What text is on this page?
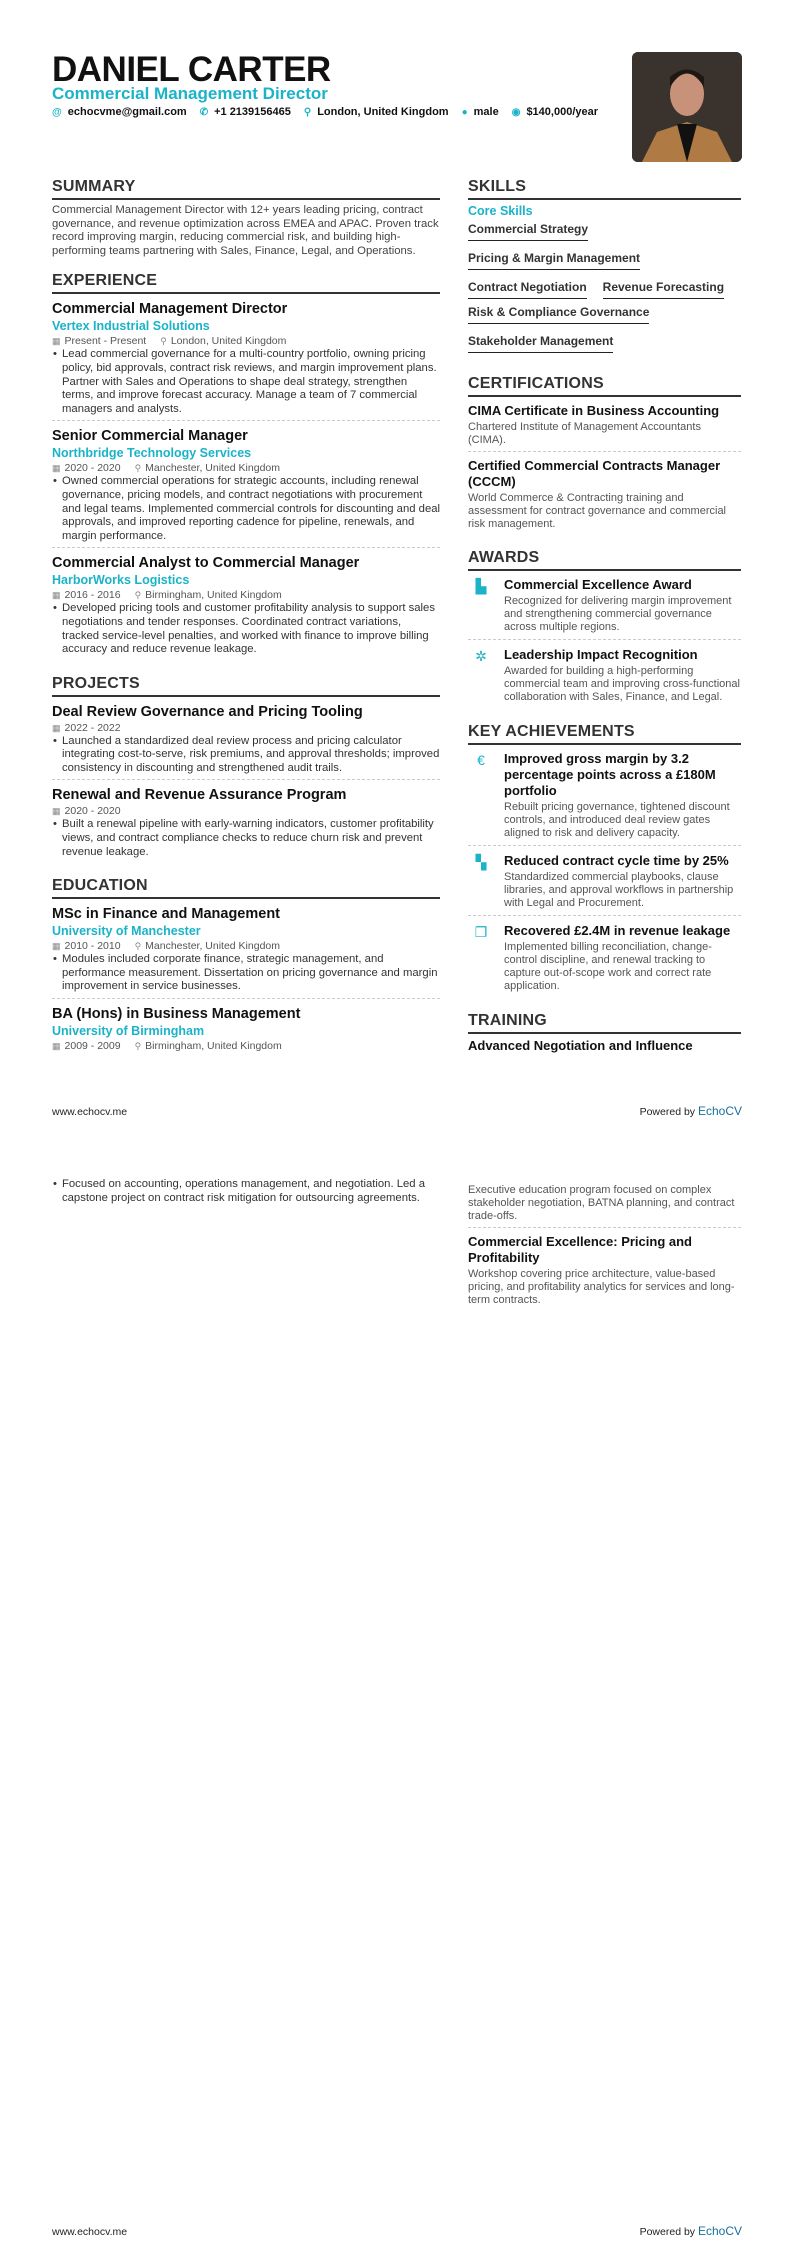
DANIEL CARTER
Commercial Management Director
@ echocvme@gmail.com ✆ +1 2139156465 ⚲ London, United Kingdom ● male ◉ $140,000/year
SUMMARY

Commercial Management Director with 12+ years leading pricing, contract governance, and revenue optimization across EMEA and APAC. Proven track record improving margin, reducing commercial risk, and building high-performing teams partnering with Sales, Finance, Legal, and Operations.

EXPERIENCE
Commercial Management Director
Vertex Industrial Solutions
▦ Present - Present ⚲ London, United Kingdom
• Lead commercial governance for a multi-country portfolio, owning pricing policy, bid approvals, contract risk reviews, and margin improvement plans. Partner with Sales and Operations to shape deal strategy, strengthen terms, and improve forecast accuracy. Manage a team of 7 commercial managers and analysts.
Senior Commercial Manager
Northbridge Technology Services
▦ 2020 - 2020 ⚲ Manchester, United Kingdom
• Owned commercial operations for strategic accounts, including renewal governance, pricing models, and contract negotiations with procurement and legal teams. Implemented commercial controls for discounting and deal approvals, and improved reporting cadence for pipeline, renewals, and margin performance.
Commercial Analyst to Commercial Manager
HarborWorks Logistics
▦ 2016 - 2016 ⚲ Birmingham, United Kingdom
• Developed pricing tools and customer profitability analysis to support sales negotiations and tender responses. Coordinated contract variations, tracked service-level penalties, and worked with finance to improve billing accuracy and reduce revenue leakage.
PROJECTS
Deal Review Governance and Pricing Tooling
▦ 2022 - 2022
• Launched a standardized deal review process and pricing calculator integrating cost-to-serve, risk premiums, and approval thresholds; improved consistency in discounting and strengthened audit trails.
Renewal and Revenue Assurance Program
▦ 2020 - 2020
• Built a renewal pipeline with early-warning indicators, customer profitability views, and contract compliance checks to reduce churn risk and prevent revenue leakage.
EDUCATION
MSc in Finance and Management
University of Manchester
▦ 2010 - 2010 ⚲ Manchester, United Kingdom
• Modules included corporate finance, strategic management, and performance measurement. Dissertation on pricing governance and margin improvement in service businesses.
BA (Hons) in Business Management
University of Birmingham
▦ 2009 - 2009 ⚲ Birmingham, United Kingdom
SKILLS
Core Skills
Commercial Strategy
Pricing & Margin Management
Contract Negotiation Revenue Forecasting
Risk & Compliance Governance
Stakeholder Management
CERTIFICATIONS
CIMA Certificate in Business Accounting
Chartered Institute of Management Accountants (CIMA).
Certified Commercial Contracts Manager (CCCM)
World Commerce & Contracting training and assessment for contract governance and commercial risk management.
AWARDS
▙	Commercial Excellence Award
Recognized for delivering margin improvement and strengthening commercial governance across multiple regions.
✲	Leadership Impact Recognition
Awarded for building a high-performing commercial team and improving cross-functional collaboration with Sales, Finance, and Legal.
KEY ACHIEVEMENTS
€	Improved gross margin by 3.2 percentage points across a £180M portfolio
Rebuilt pricing governance, tightened discount controls, and introduced deal review gates aligned to risk and delivery capacity.
▚	Reduced contract cycle time by 25%
Standardized commercial playbooks, clause libraries, and approval workflows in partnership with Legal and Procurement.
❐	Recovered £2.4M in revenue leakage
Implemented billing reconciliation, change-control discipline, and renewal tracking to capture out-of-scope work and correct rate application.
TRAINING
Advanced Negotiation and Influence
www.echocv.me	Powered by EchoCV
• Focused on accounting, operations management, and negotiation. Led a capstone project on contract risk mitigation for outsourcing agreements.
Executive education program focused on complex stakeholder negotiation, BATNA planning, and contract trade-offs.
Commercial Excellence: Pricing and Profitability
Workshop covering price architecture, value-based pricing, and profitability analytics for services and long-term contracts.
www.echocv.me	Powered by EchoCV
